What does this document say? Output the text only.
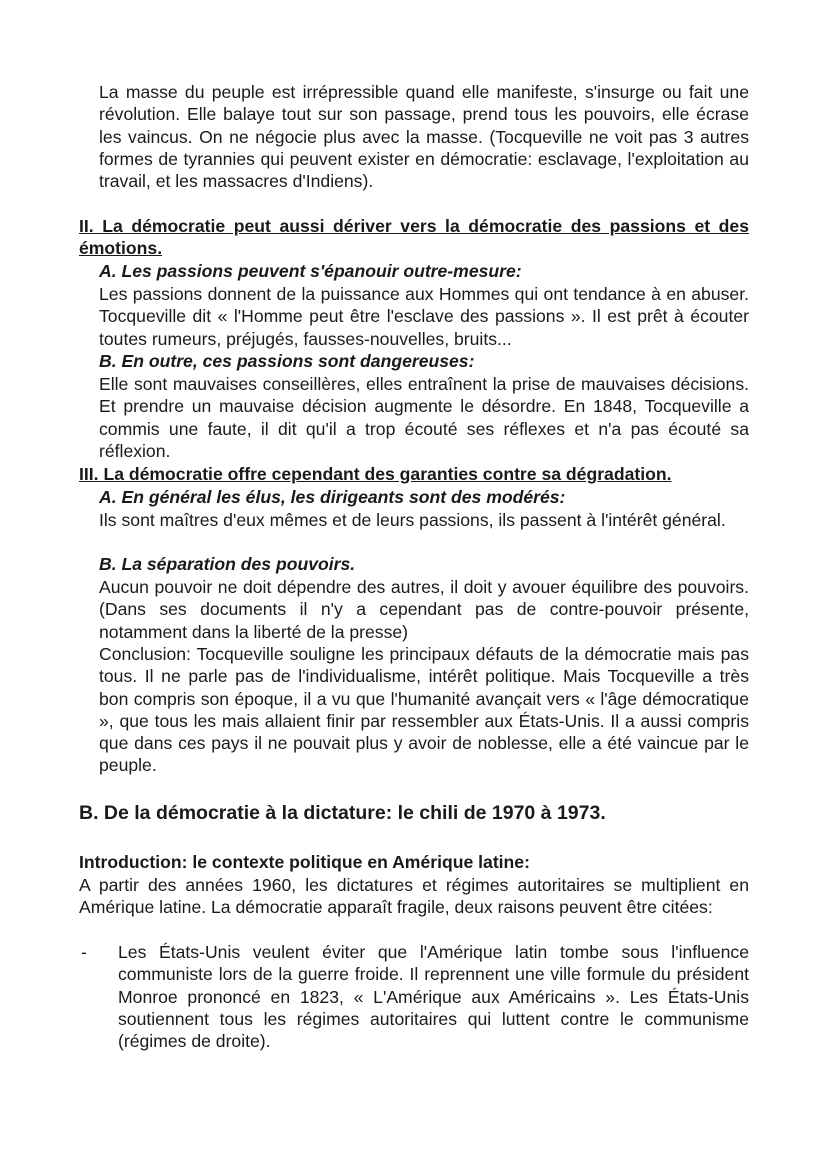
La masse du peuple est irrépressible quand elle manifeste, s'insurge ou fait une révolution. Elle balaye tout sur son passage, prend tous les pouvoirs, elle écrase les vaincus. On ne négocie plus avec la masse. (Tocqueville ne voit pas 3 autres formes de tyrannies qui peuvent exister en démocratie: esclavage, l'exploitation au travail, et les massacres d'Indiens).

II. La démocratie peut aussi dériver vers la démocratie des passions et des émotions.

A. Les passions peuvent s'épanouir outre-mesure:

Les passions donnent de la puissance aux Hommes qui ont tendance à en abuser. Tocqueville dit « l'Homme peut être l'esclave des passions ». Il est prêt à écouter toutes rumeurs, préjugés, fausses-nouvelles, bruits...

B. En outre, ces passions sont dangereuses:

Elle sont mauvaises conseillères, elles entraînent la prise de mauvaises décisions. Et prendre un mauvaise décision augmente le désordre. En 1848, Tocqueville a commis une faute, il dit qu'il a trop écouté ses réflexes et n'a pas écouté sa réflexion.

III. La démocratie offre cependant des garanties contre sa dégradation.

A. En général les élus, les dirigeants sont des modérés:

Ils sont maîtres d'eux mêmes et de leurs passions, ils passent à l'intérêt général.

B. La séparation des pouvoirs.

Aucun pouvoir ne doit dépendre des autres, il doit y avouer équilibre des pouvoirs. (Dans ses documents il n'y a cependant pas de contre-pouvoir présente, notamment dans la liberté de la presse)

Conclusion: Tocqueville souligne les principaux défauts de la démocratie mais pas tous. Il ne parle pas de l'individualisme, intérêt politique. Mais Tocqueville a très bon compris son époque, il a vu que l'humanité avançait vers « l'âge démocratique », que tous les mais allaient finir par ressembler aux États-Unis. Il a aussi compris que dans ces pays il ne pouvait plus y avoir de noblesse, elle a été vaincue par le peuple.

B. De la démocratie à la dictature: le chili de 1970 à 1973.

Introduction: le contexte politique en Amérique latine:

A partir des années 1960, les dictatures et régimes autoritaires se multiplient en Amérique latine. La démocratie apparaît fragile, deux raisons peuvent être citées:

- Les États-Unis veulent éviter que l'Amérique latin tombe sous l'influence communiste lors de la guerre froide. Il reprennent une ville formule du président Monroe prononcé en 1823, « L'Amérique aux Américains ». Les États-Unis soutiennent tous les régimes autoritaires qui luttent contre le communisme (régimes de droite).
